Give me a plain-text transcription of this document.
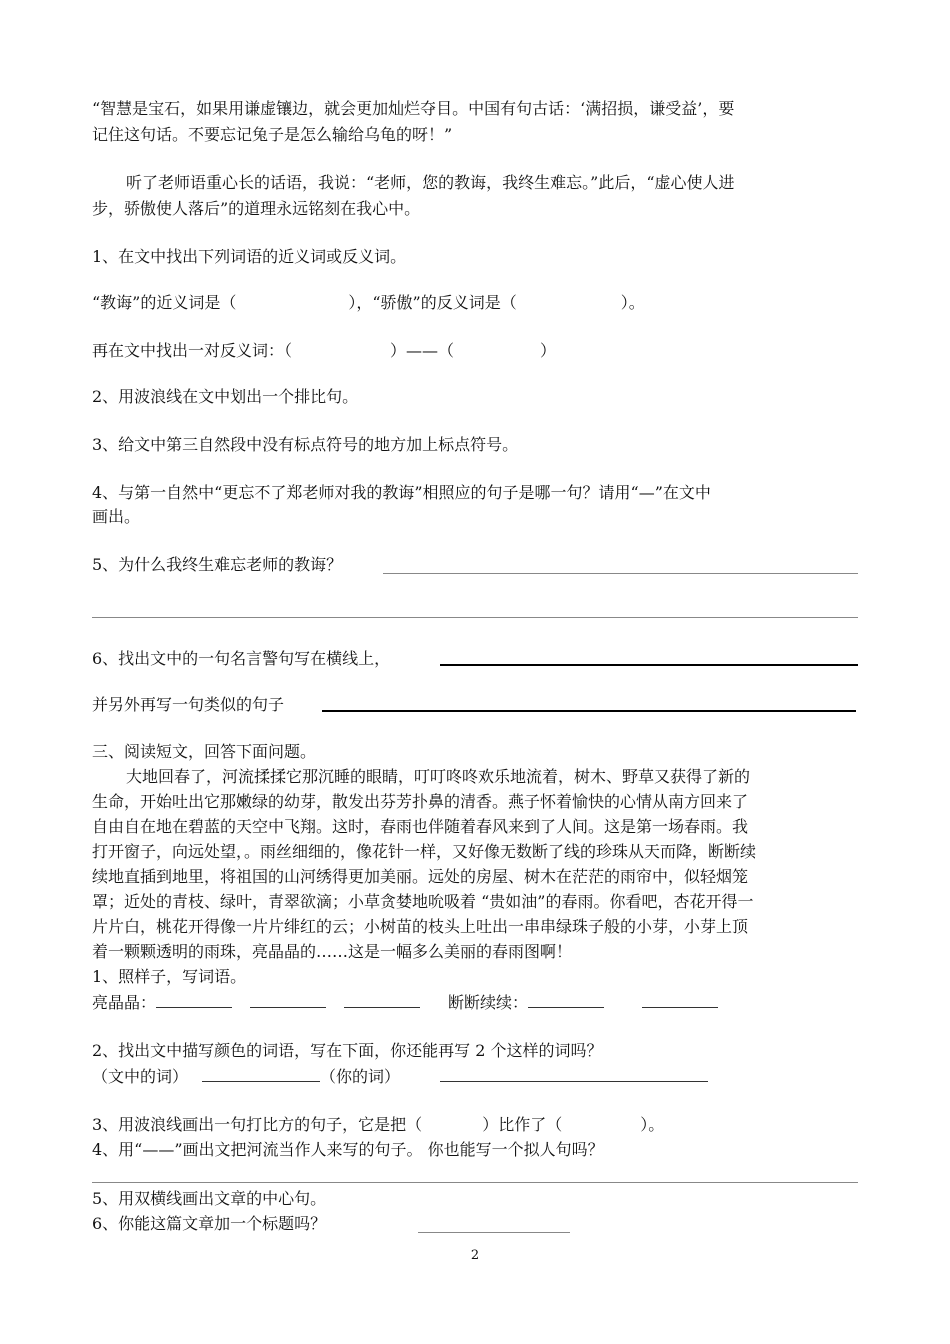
“智慧是宝石，如果用谦虚镶边，就会更加灿烂夺目。中国有句古话：‘满招损，谦受益’，要
记住这句话。不要忘记兔子是怎么输给乌龟的呀！”
听了老师语重心长的话语，我说：“老师，您的教诲，我终生难忘。”此后，“虚心使人进
步，骄傲使人落后”的道理永远铭刻在我心中。
1、在文中找出下列词语的近义词或反义词。
“教诲”的近义词是（	），“骄傲”的反义词是（	）。
再在文中找出一对反义词：（	）——（	）
2、用波浪线在文中划出一个排比句。
3、给文中第三自然段中没有标点符号的地方加上标点符号。
4、与第一自然中“更忘不了郑老师对我的教诲”相照应的句子是哪一句？请用“—”在文中
画出。
5、为什么我终生难忘老师的教诲？
6、找出文中的一句名言警句写在横线上，
并另外再写一句类似的句子
三、阅读短文，回答下面问题。
大地回春了，河流揉揉它那沉睡的眼睛，叮叮咚咚欢乐地流着，树木、野草又获得了新的
生命，开始吐出它那嫩绿的幼芽，散发出芬芳扑鼻的清香。燕子怀着愉快的心情从南方回来了
自由自在地在碧蓝的天空中飞翔。这时，春雨也伴随着春风来到了人间。这是第一场春雨。我
打开窗子，向远处望，。雨丝细细的，像花针一样，又好像无数断了线的珍珠从天而降，断断续
续地直插到地里，将祖国的山河绣得更加美丽。远处的房屋、树木在茫茫的雨帘中，似轻烟笼
罩；近处的青枝、绿叶，青翠欲滴；小草贪婪地吮吸着 “贵如油”的春雨。你看吧，杏花开得一
片片白，桃花开得像一片片绯红的云；小树苗的枝头上吐出一串串绿珠子般的小芽，小芽上顶
着一颗颗透明的雨珠，亮晶晶的……这是一幅多么美丽的春雨图啊！
1、照样子，写词语。
亮晶晶：	断断续续：
2、找出文中描写颜色的词语，写在下面，你还能再写 2 个这样的词吗？
（文中的词）	（你的词）
3、用波浪线画出一句打比方的句子，它是把（	）比作了（	）。
4、用“——”画出文把河流当作人来写的句子。 你也能写一个拟人句吗？
5、用双横线画出文章的中心句。
6、你能这篇文章加一个标题吗？
2
